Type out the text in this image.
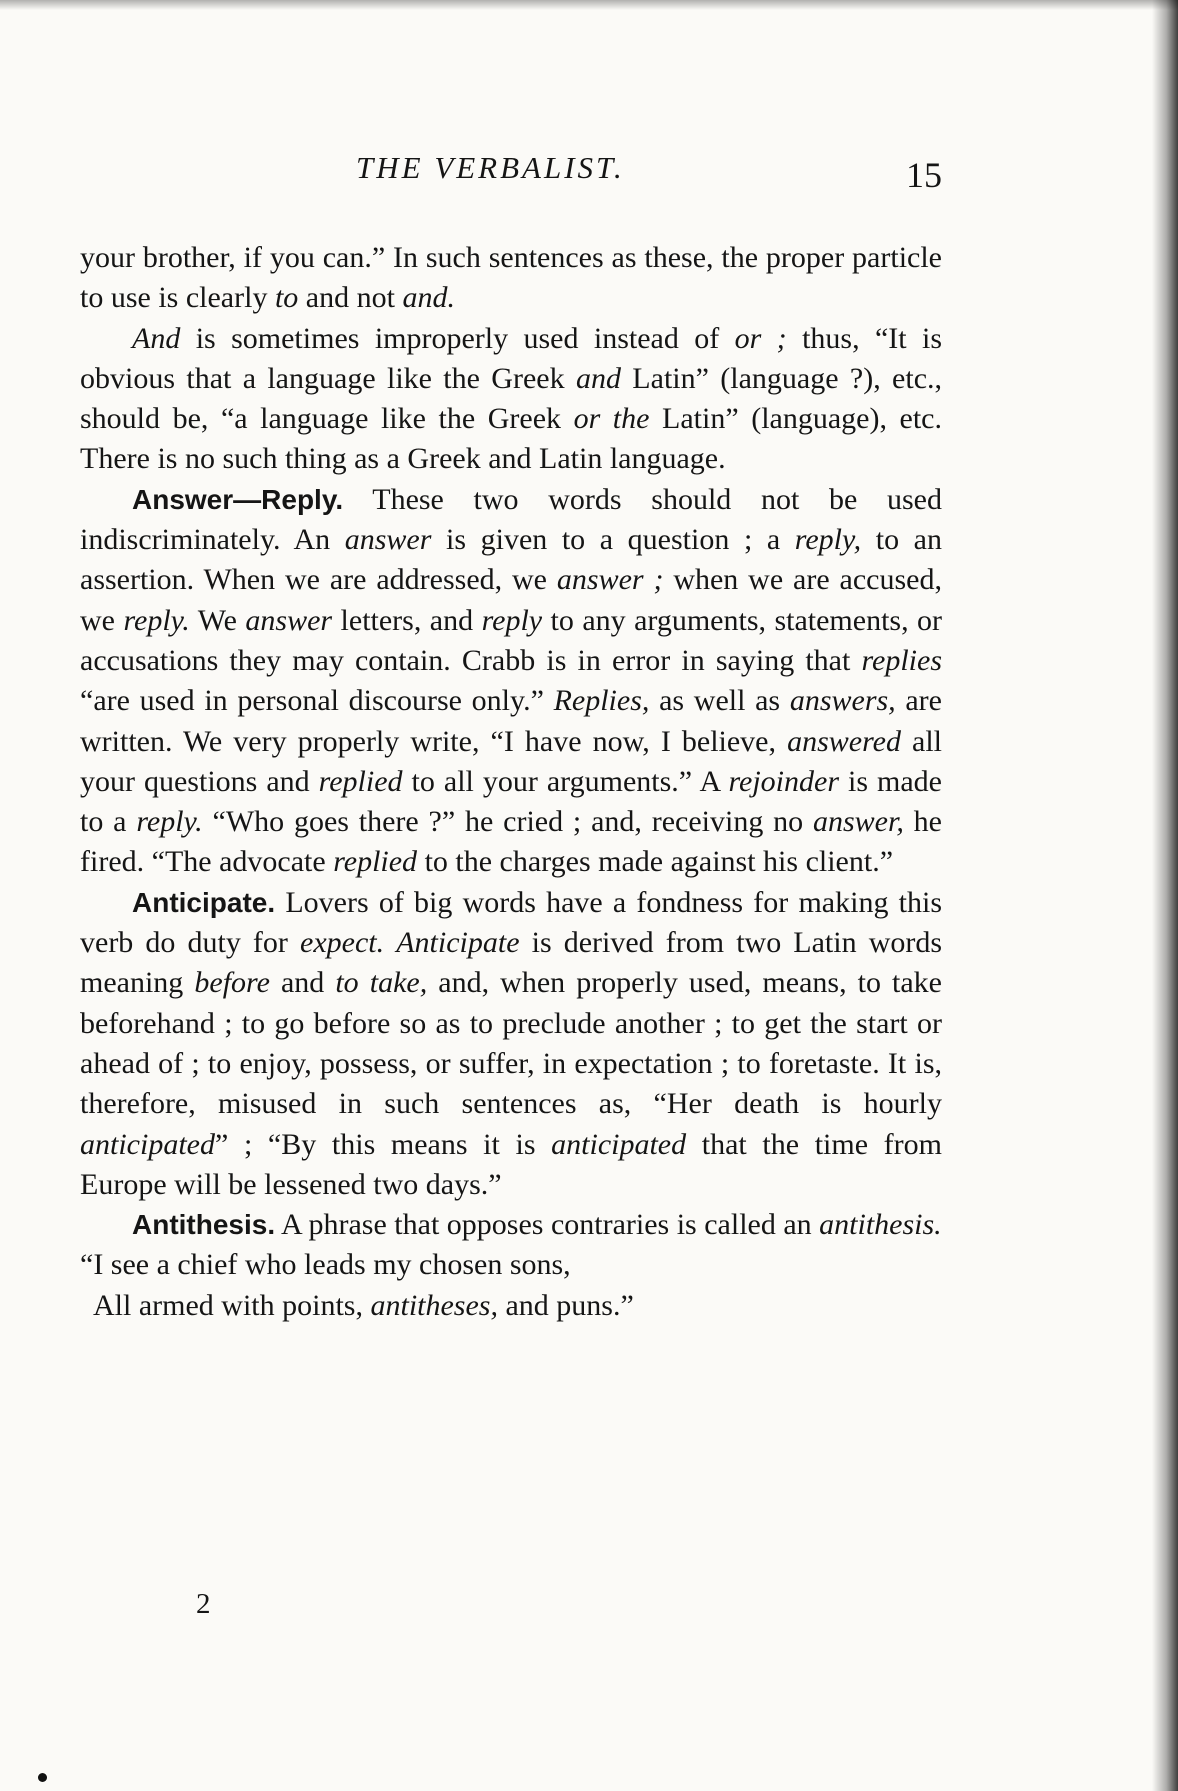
THE VERBALIST.	15

your brother, if you can.” In such sentences as these, the proper particle to use is clearly to and not and.

And is sometimes improperly used instead of or ; thus, “It is obvious that a language like the Greek and Latin” (language ?), etc., should be, “a language like the Greek or the Latin” (language), etc. There is no such thing as a Greek and Latin language.

Answer—Reply. These two words should not be used indiscriminately. An answer is given to a question ; a reply, to an assertion. When we are addressed, we answer ; when we are accused, we reply. We answer letters, and reply to any arguments, statements, or accusations they may contain. Crabb is in error in saying that replies “are used in personal discourse only.” Replies, as well as answers, are written. We very properly write, “I have now, I believe, answered all your questions and replied to all your arguments.” A rejoinder is made to a reply. “Who goes there ?” he cried ; and, receiving no answer, he fired. “The advocate replied to the charges made against his client.”

Anticipate. Lovers of big words have a fondness for making this verb do duty for expect. Anticipate is derived from two Latin words meaning before and to take, and, when properly used, means, to take beforehand ; to go before so as to preclude another ; to get the start or ahead of ; to enjoy, possess, or suffer, in expectation ; to foretaste. It is, therefore, misused in such sentences as, “Her death is hourly anticipated” ; “By this means it is anticipated that the time from Europe will be lessened two days.”

Antithesis. A phrase that opposes contraries is called an antithesis.

“I see a chief who leads my chosen sons,
All armed with points, antitheses, and puns.”

2
